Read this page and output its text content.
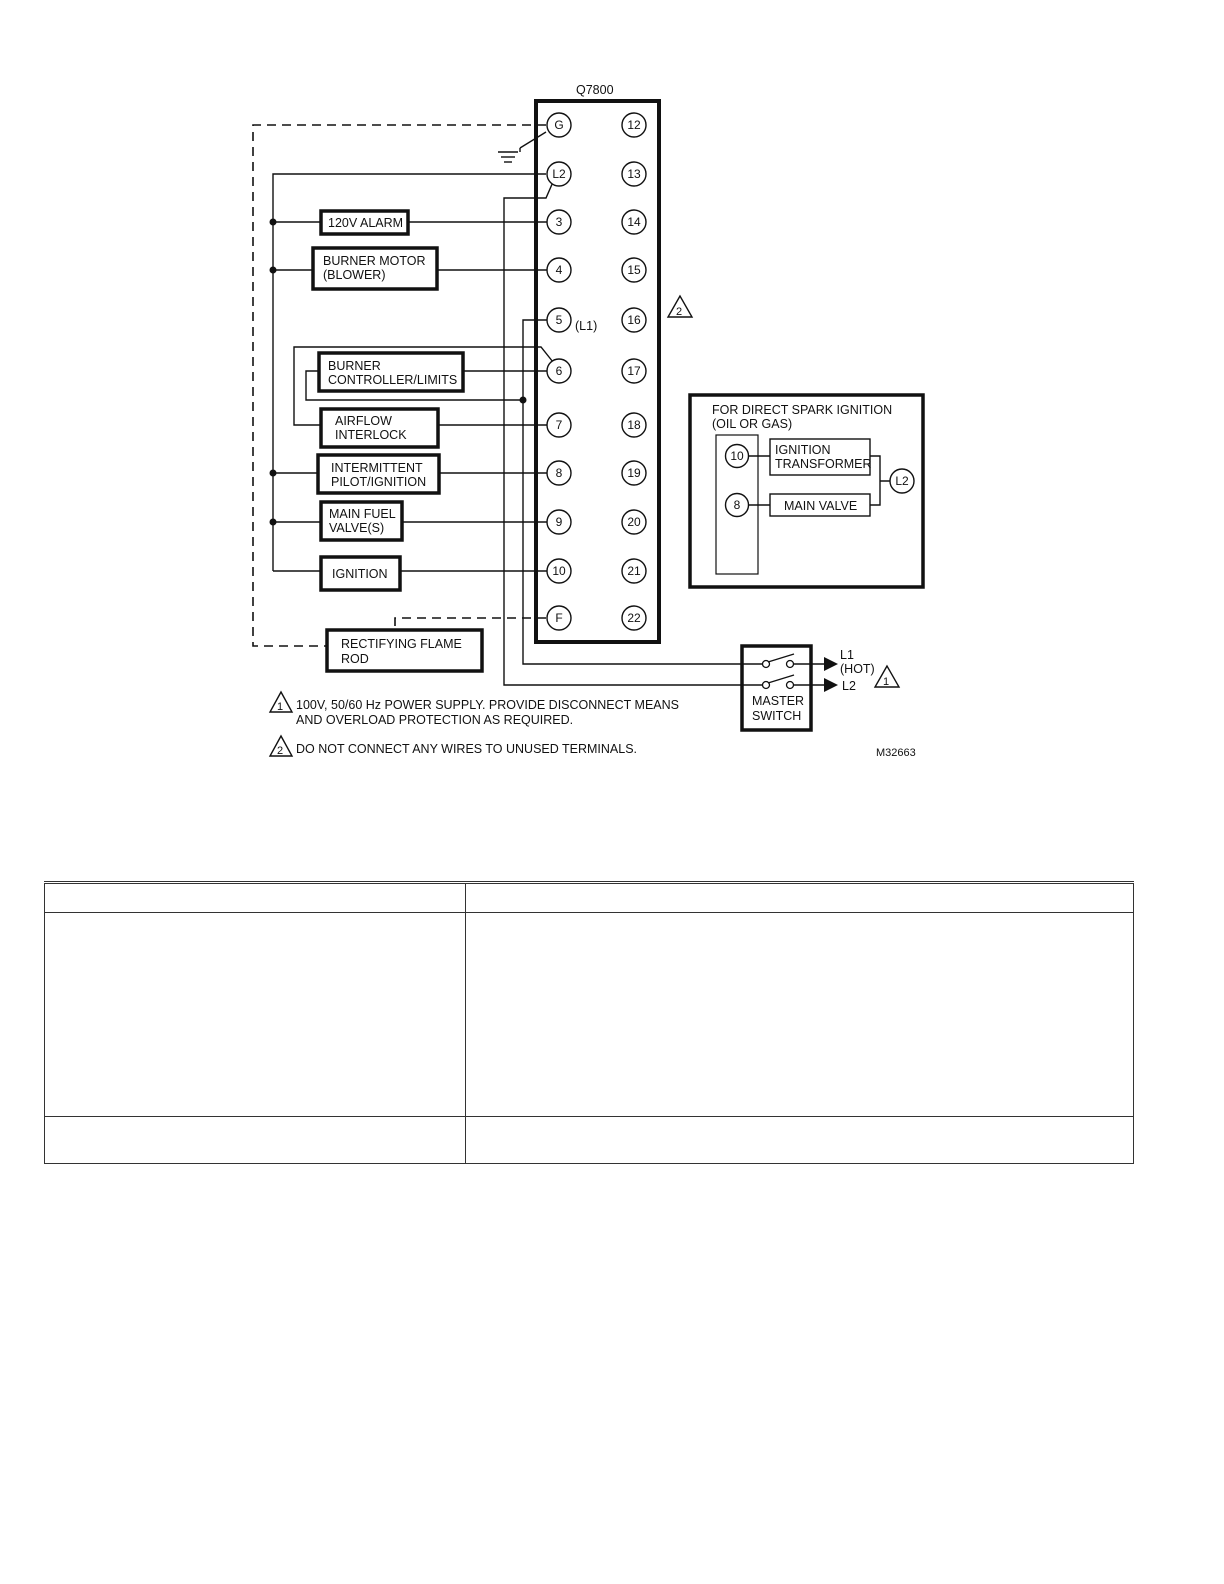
Q7800
G
L2
3
4
5
6
7
8
9
10
F
12
13
14
15
16
17
18
19
20
21
22
(L1)
120V ALARM
BURNER MOTOR
(BLOWER)
BURNER
CONTROLLER/LIMITS
AIRFLOW
INTERLOCK
INTERMITTENT
PILOT/IGNITION
MAIN FUEL
VALVE(S)
IGNITION
RECTIFYING FLAME
ROD
2
FOR DIRECT SPARK IGNITION
(OIL OR GAS)
10
8
IGNITION
TRANSFORMER
MAIN VALVE
L2
MASTER
SWITCH
L1
(HOT)
L2 1
1 100V, 50/60 Hz POWER SUPPLY. PROVIDE DISCONNECT MEANS
AND OVERLOAD PROTECTION AS REQUIRED.
2 DO NOT CONNECT ANY WIRES TO UNUSED TERMINALS.	M32663
